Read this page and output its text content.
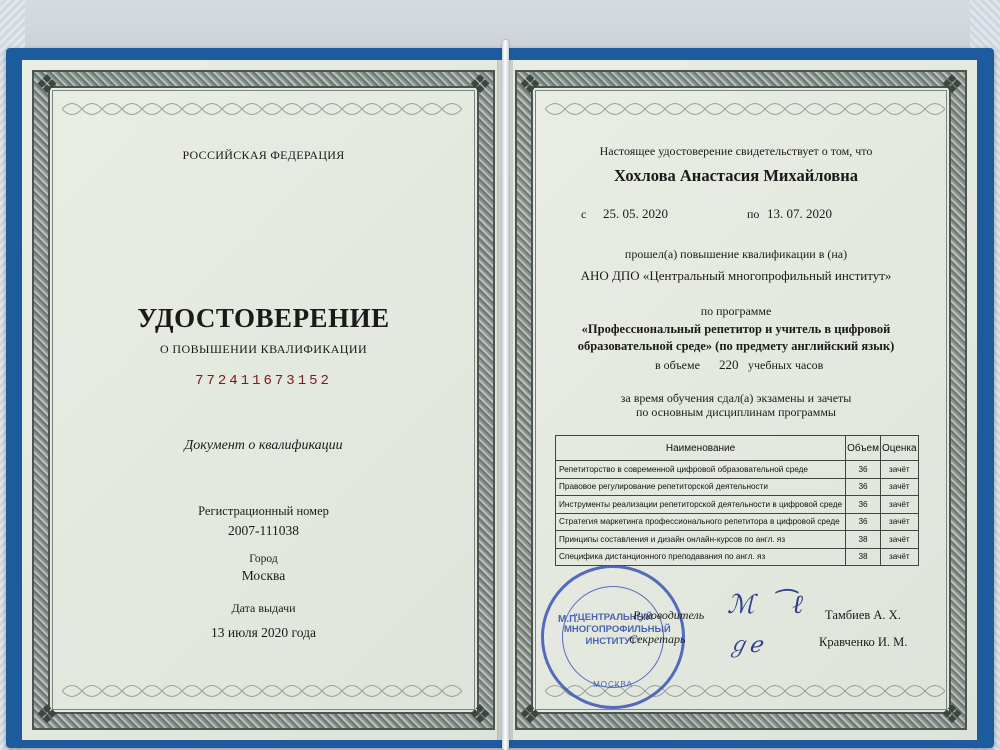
❖	❖
❖	❖
РОССИЙСКАЯ ФЕДЕРАЦИЯ
УДОСТОВЕРЕНИЕ
О ПОВЫШЕНИИ КВАЛИФИКАЦИИ
772411673152
Документ о квалификации
Регистрационный номер
2007-111038
Город
Москва
Дата выдачи
13 июля 2020 года
❖	❖
❖	❖
Настоящее удостоверение свидетельствует о том, что
Хохлова Анастасия Михайловна
с 25. 05. 2020	по 13. 07. 2020
прошел(а) повышение квалификации в (на)
АНО ДПО «Центральный многопрофильный институт»
по программе
«Профессиональный репетитор и учитель в цифровой
образовательной среде» (по предмету английский язык)
в объеме 220 учебных часов
за время обучения сдал(а) экзамены и зачеты
по основным дисциплинам программы
Наименование	Объем	Оценка
Репетиторство в современной цифровой образовательной среде	36	зачёт
Правовое регулирование репетиторской деятельности	36	зачёт
Инструменты реализации репетиторской деятельности в цифровой среде	36	зачёт
Стратегия маркетинга профессионального репетитора в цифровой среде	36	зачёт
Принципы составления и дизайн онлайн-курсов по англ. яз	38	зачёт
Специфика дистанционного преподавания по англ. яз	38	зачёт
"ЦЕНТРАЛЬНЫЙ МНОГОПРОФИЛЬНЫЙ ИНСТИТУТ"
М.П.
МОСКВА
Руководитель ℳ  ⁀ℓ Тамбиев А. Х.
Секретарь ℊℯ	Кравченко И. М.
